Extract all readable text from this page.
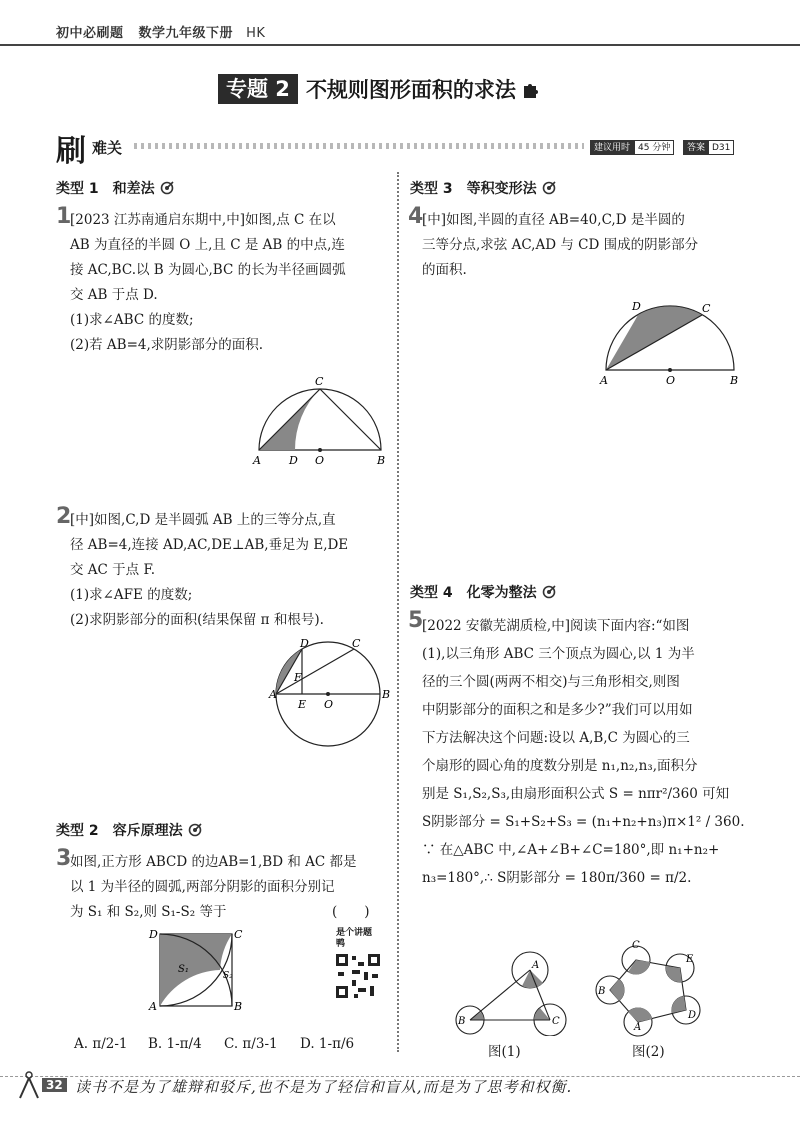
初中必刷题 数学九年级下册 HK
专题 2 不规则图形面积的求法
刷 难关	建议用时 45 分钟	答案 D31
类型 1　和差法
1
[2023 江苏南通启东期中,中]如图,点 C 在以
AB 为直径的半圆 O 上,且 C 是 AB 的中点,连
接 AC,BC.以 B 为圆心,BC 的长为半径画圆弧
交 AB 于点 D.
(1)求∠ABC 的度数;
(2)若 AB=4,求阴影部分的面积.
A	D O	B
C
2
[中]如图,C,D 是半圆弧 AB 上的三等分点,直
径 AB=4,连接 AD,AC,DE⊥AB,垂足为 E,DE
交 AC 于点 F.
(1)求∠AFE 的度数;
(2)求阴影部分的面积(结果保留 π 和根号).
A	B
D	C
F
E O
类型 2　容斥原理法
3
如图,正方形 ABCD 的边AB=1,BD 和 AC 都是
以 1 为半径的圆弧,两部分阴影的面积分别记
为 S₁ 和 S₂,则 S₁-S₂ 等于	(　　)
D	C
A	B
S₁
S₂
是个讲题鸭
A. π/2-1 B. 1-π/4 C. π/3-1 D. 1-π/6
类型 3　等积变形法
4
[中]如图,半圆的直径 AB=40,C,D 是半圆的
三等分点,求弦 AC,AD 与 CD 围成的阴影部分
的面积.
A	O	B
D	C
类型 4　化零为整法
5
[2022 安徽芜湖质检,中]阅读下面内容:“如图
(1),以三角形 ABC 三个顶点为圆心,以 1 为半
径的三个圆(两两不相交)与三角形相交,则图
中阴影部分的面积之和是多少?”我们可以用如
下方法解决这个问题:设以 A,B,C 为圆心的三
个扇形的圆心角的度数分别是 n₁,n₂,n₃,面积分
别是 S₁,S₂,S₃,由扇形面积公式 S = nπr²/360 可知
S阴影部分 = S₁+S₂+S₃ = (n₁+n₂+n₃)π×1² / 360.
∵ 在△ABC 中,∠A+∠B+∠C=180°,即 n₁+n₂+
n₃=180°,∴ S阴影部分 = 180π/360 = π/2.
A
B	C
图(1)
C
E
D
A
B
图(2)
32 读书不是为了雄辩和驳斥,也不是为了轻信和盲从,而是为了思考和权衡.
